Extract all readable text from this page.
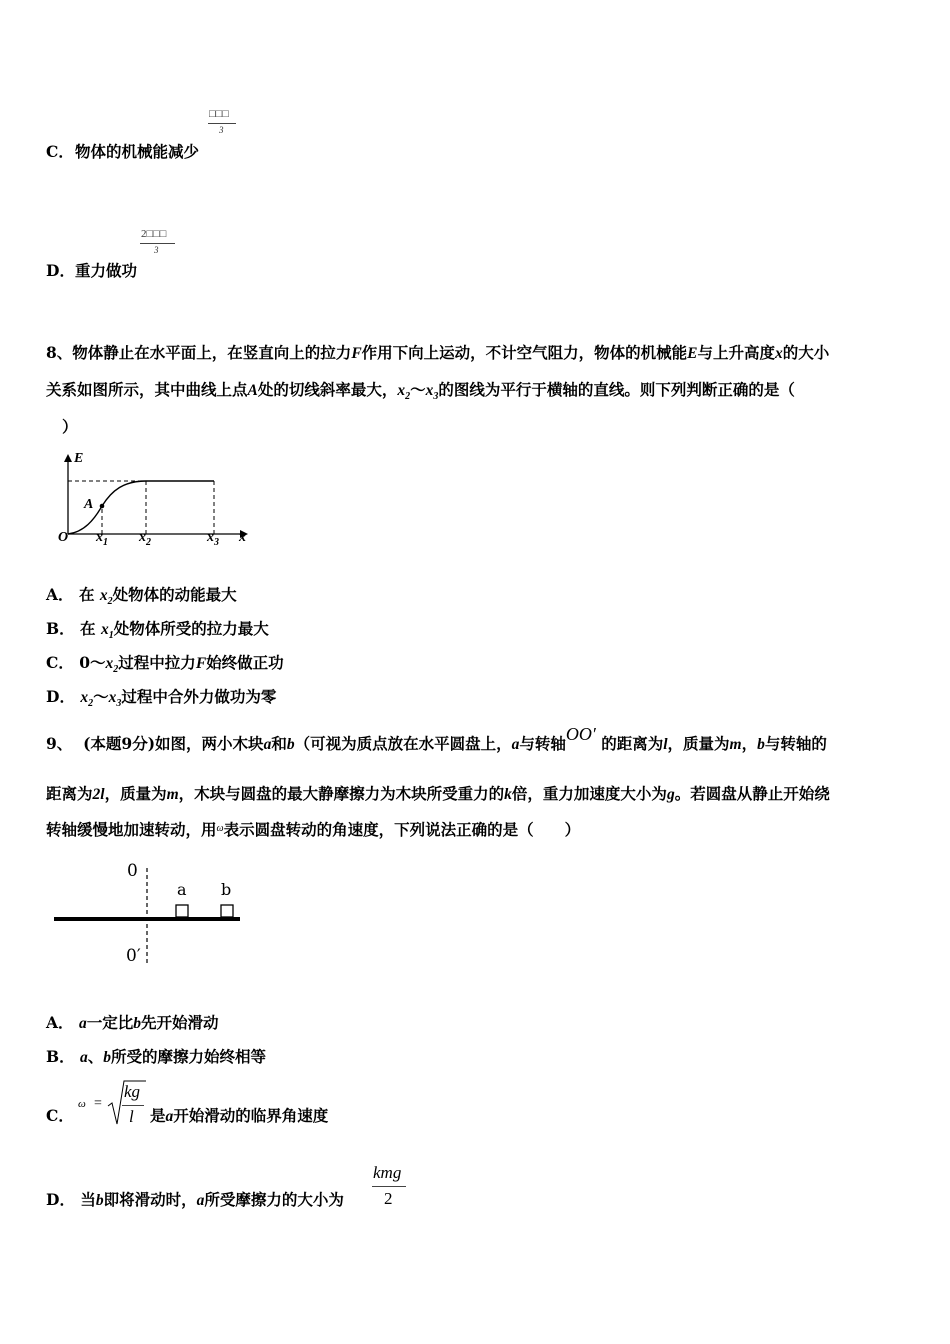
C． 物体的机械能减少
□□□
3
D． 重力做功
2□□□
3
8、物体静止在水平面上，在竖直向上的拉力F作用下向上运动，不计空气阻力，物体的机械能E与上升高度x的大小
关系如图所示，其中曲线上点A处的切线斜率最大，$x_2\sim x_3$的图线为平行于横轴的直线。则下列判断正确的是（
）
E
A
O $x_1$ $x_2$	$x_3$ x
A． 在 $x_2$处物体的动能最大
B． 在 $x_1$处物体所受的拉力最大
C． $0\sim x_2$过程中拉力F始终做正功
D． $x_2\sim x_3$过程中合外力做功为零
9、 (本题9分)如图，两小木块a和b（可视为质点放在水平圆盘上，a与转轴OO′ 的距离为l，质量为m，b与转轴的
距离为2l，质量为m，木块与圆盘的最大静摩擦力为木块所受重力的k倍，重力加速度大小为g。若圆盘从静止开始绕
转轴缓慢地加速转动，用$^\omega$表示圆盘转动的角速度，下列说法正确的是（　　）
0
0′
a b
A． a一定比b先开始滑动
B． a、b所受的摩擦力始终相等
C．
ω =
kg
l 是a开始滑动的临界角速度
D． 当b即将滑动时，a所受摩擦力的大小为
kmg
2
